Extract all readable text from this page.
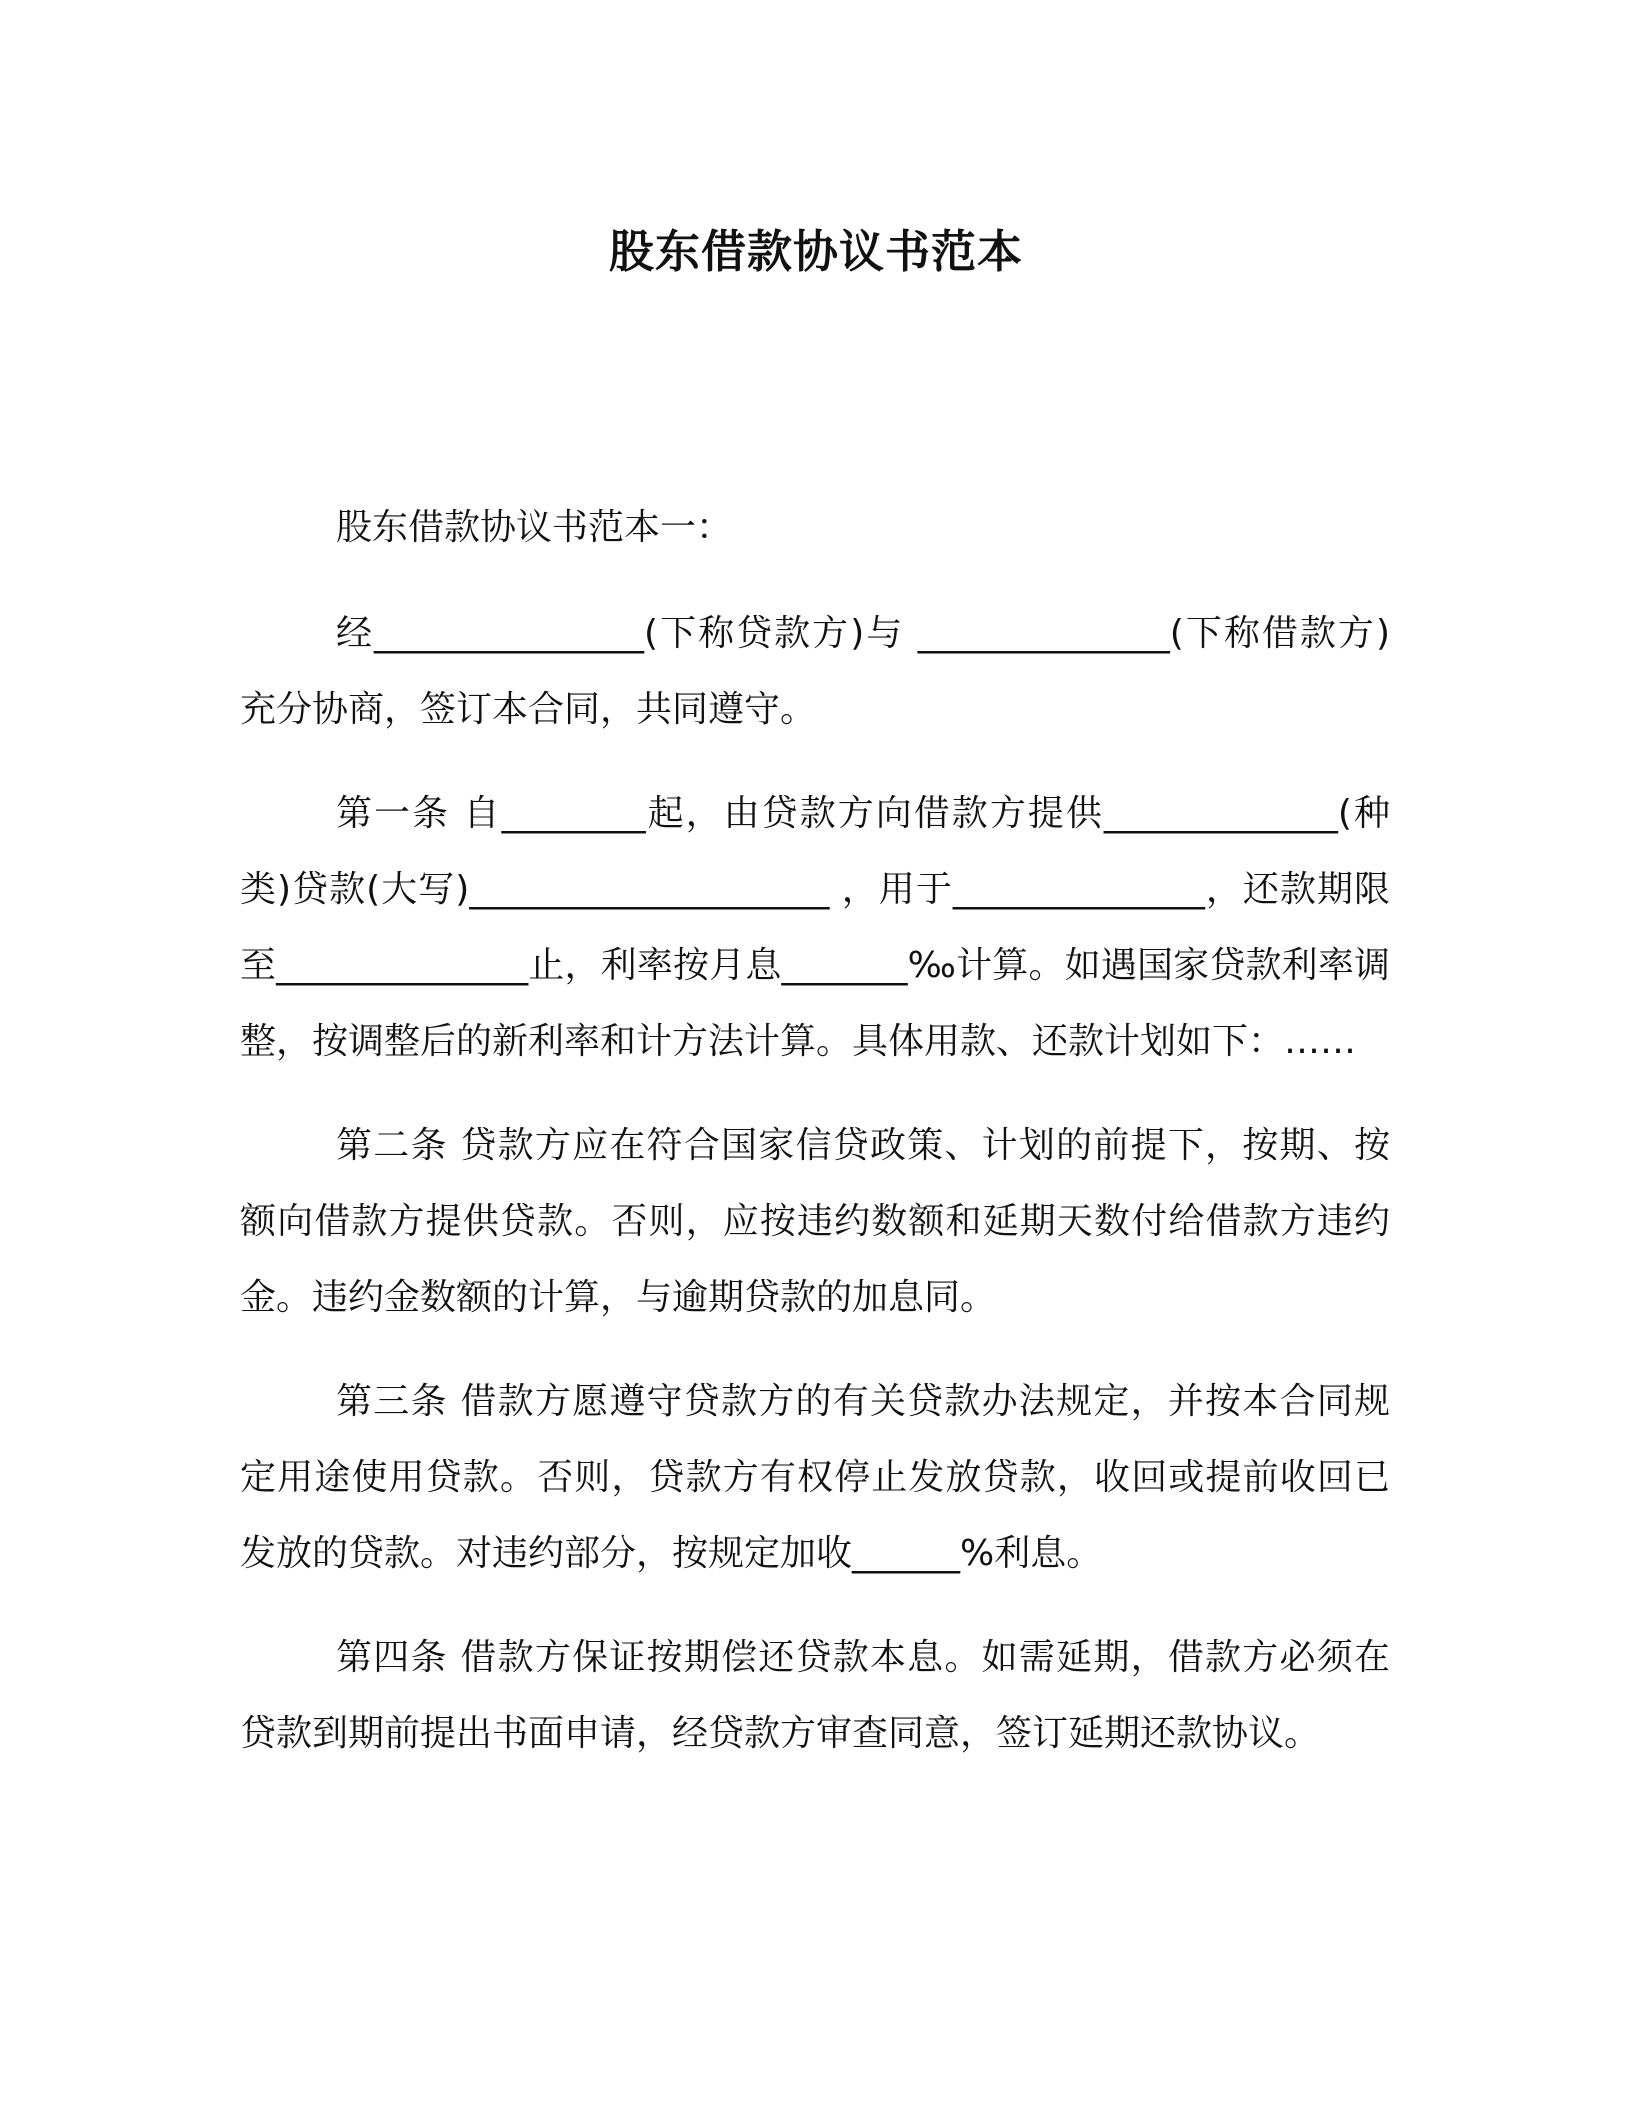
股东借款协议书范本

股东借款协议书范本一：

经_______________(下称贷款方)与 ______________(下称借款方)充分协商，签订本合同，共同遵守。

第一条 自________起，由贷款方向借款方提供_____________(种类)贷款(大写)____________________ ，用于______________，还款期限至______________止，利率按月息_______‰计算。如遇国家贷款利率调整，按调整后的新利率和计方法计算。具体用款、还款计划如下：……

第二条 贷款方应在符合国家信贷政策、计划的前提下，按期、按额向借款方提供贷款。否则，应按违约数额和延期天数付给借款方违约金。违约金数额的计算，与逾期贷款的加息同。

第三条 借款方愿遵守贷款方的有关贷款办法规定，并按本合同规定用途使用贷款。否则，贷款方有权停止发放贷款，收回或提前收回已发放的贷款。对违约部分，按规定加收______%利息。

第四条 借款方保证按期偿还贷款本息。如需延期，借款方必须在贷款到期前提出书面申请，经贷款方审查同意，签订延期还款协议。
